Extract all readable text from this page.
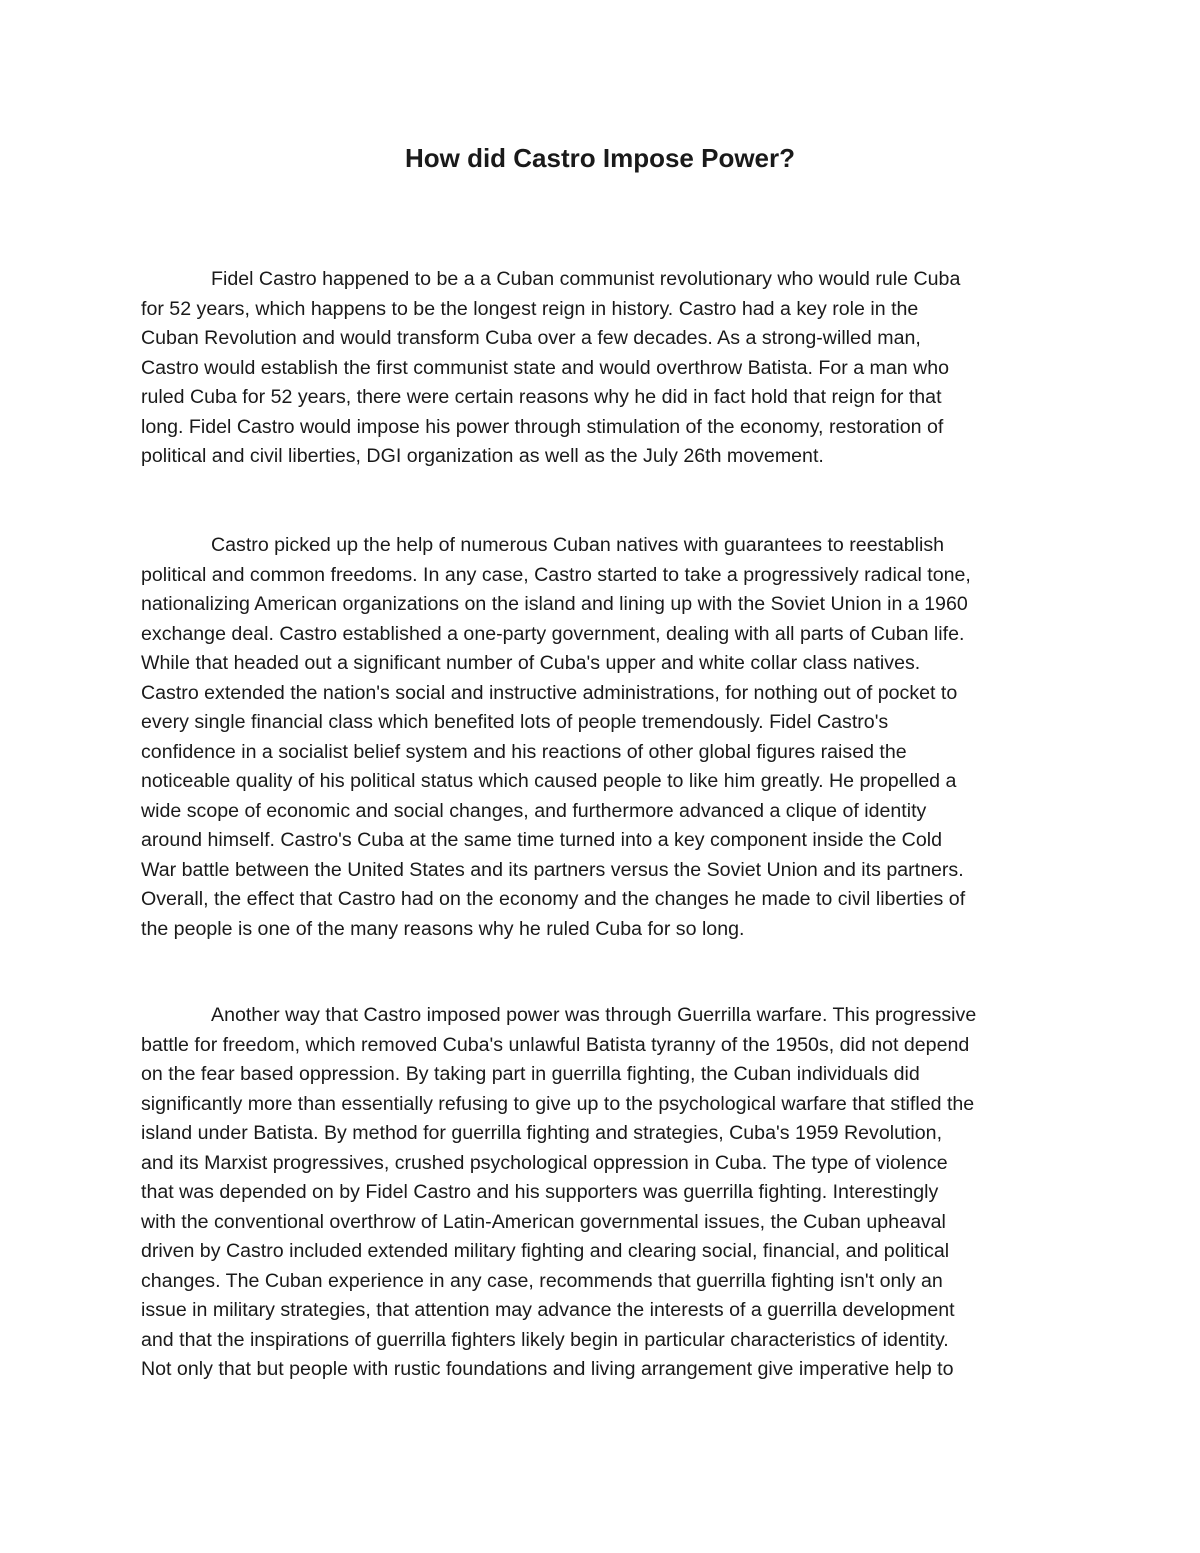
How did Castro Impose Power?
Fidel Castro happened to be a a Cuban communist revolutionary who would rule Cuba
for 52 years, which happens to be the longest reign in history. Castro had a key role in the
Cuban Revolution and would transform Cuba over a few decades. As a strong-willed man,
Castro would establish the first communist state and would overthrow Batista. For a man who
ruled Cuba for 52 years, there were certain reasons why he did in fact hold that reign for that
long. Fidel Castro would impose his power through stimulation of the economy, restoration of
political and civil liberties, DGI organization as well as the July 26th movement.
Castro picked up the help of numerous Cuban natives with guarantees to reestablish
political and common freedoms. In any case, Castro started to take a progressively radical tone,
nationalizing American organizations on the island and lining up with the Soviet Union in a 1960
exchange deal. Castro established a one-party government, dealing with all parts of Cuban life.
While that headed out a significant number of Cuba's upper and white collar class natives.
Castro extended the nation's social and instructive administrations, for nothing out of pocket to
every single financial class which benefited lots of people tremendously. Fidel Castro's
confidence in a socialist belief system and his reactions of other global figures raised the
noticeable quality of his political status which caused people to like him greatly. He propelled a
wide scope of economic and social changes, and furthermore advanced a clique of identity
around himself. Castro's Cuba at the same time turned into a key component inside the Cold
War battle between the United States and its partners versus the Soviet Union and its partners.
Overall, the effect that Castro had on the economy and the changes he made to civil liberties of
the people is one of the many reasons why he ruled Cuba for so long.
Another way that Castro imposed power was through Guerrilla warfare. This progressive
battle for freedom, which removed Cuba's unlawful Batista tyranny of the 1950s, did not depend
on the fear based oppression. By taking part in guerrilla fighting, the Cuban individuals did
significantly more than essentially refusing to give up to the psychological warfare that stifled the
island under Batista. By method for guerrilla fighting and strategies, Cuba's 1959 Revolution,
and its Marxist progressives, crushed psychological oppression in Cuba. The type of violence
that was depended on by Fidel Castro and his supporters was guerrilla fighting. Interestingly
with the conventional overthrow of Latin-American governmental issues, the Cuban upheaval
driven by Castro included extended military fighting and clearing social, financial, and political
changes. The Cuban experience in any case, recommends that guerrilla fighting isn't only an
issue in military strategies, that attention may advance the interests of a guerrilla development
and that the inspirations of guerrilla fighters likely begin in particular characteristics of identity.
Not only that but people with rustic foundations and living arrangement give imperative help to
